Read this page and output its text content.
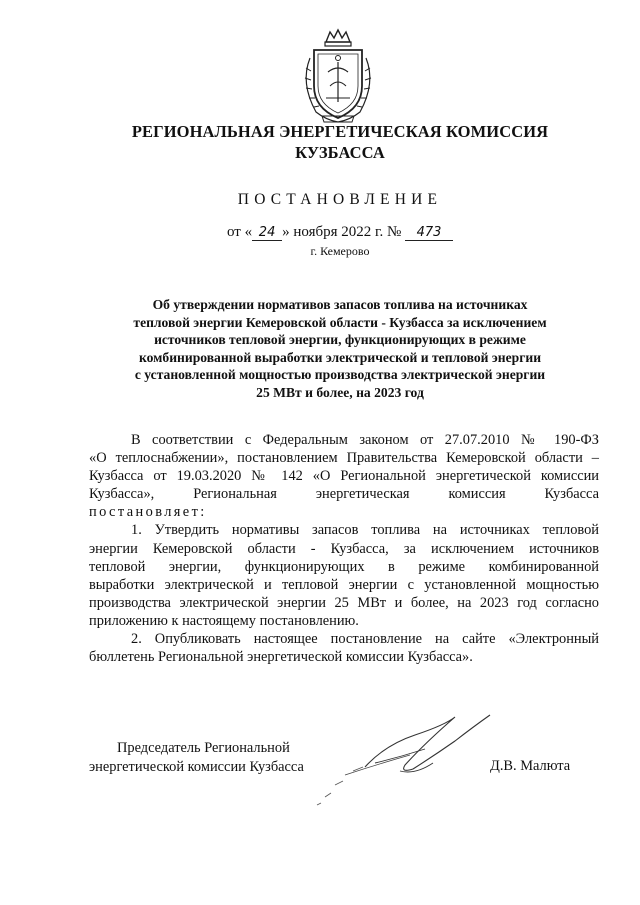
РЕГИОНАЛЬНАЯ ЭНЕРГЕТИЧЕСКАЯ КОМИССИЯ
КУЗБАССА
ПОСТАНОВЛЕНИЕ
от « 24 » ноября 2022 г. № 473
г. Кемерово
Об утверждении нормативов запасов топлива на источниках
тепловой энергии Кемеровской области - Кузбасса за исключением
источников тепловой энергии, функционирующих в режиме
комбинированной выработки электрической и тепловой энергии
с установленной мощностью производства электрической энергии
25 МВт и более, на 2023 год
В соответствии с Федеральным законом от 27.07.2010 № 190-ФЗ
«О теплоснабжении», постановлением Правительства Кемеровской области –
Кузбасса от 19.03.2020 № 142 «О Региональной энергетической комиссии
Кузбасса», Региональная энергетическая комиссия Кузбасса
постановляет:
1. Утвердить нормативы запасов топлива на источниках тепловой
энергии Кемеровской области - Кузбасса, за исключением источников
тепловой энергии, функционирующих в режиме комбинированной
выработки электрической и тепловой энергии с установленной мощностью
производства электрической энергии 25 МВт и более, на 2023 год согласно
приложению к настоящему постановлению.
2. Опубликовать настоящее постановление на сайте «Электронный
бюллетень Региональной энергетической комиссии Кузбасса».
Председатель Региональной
энергетической комиссии Кузбасса	Д.В. Малюта
